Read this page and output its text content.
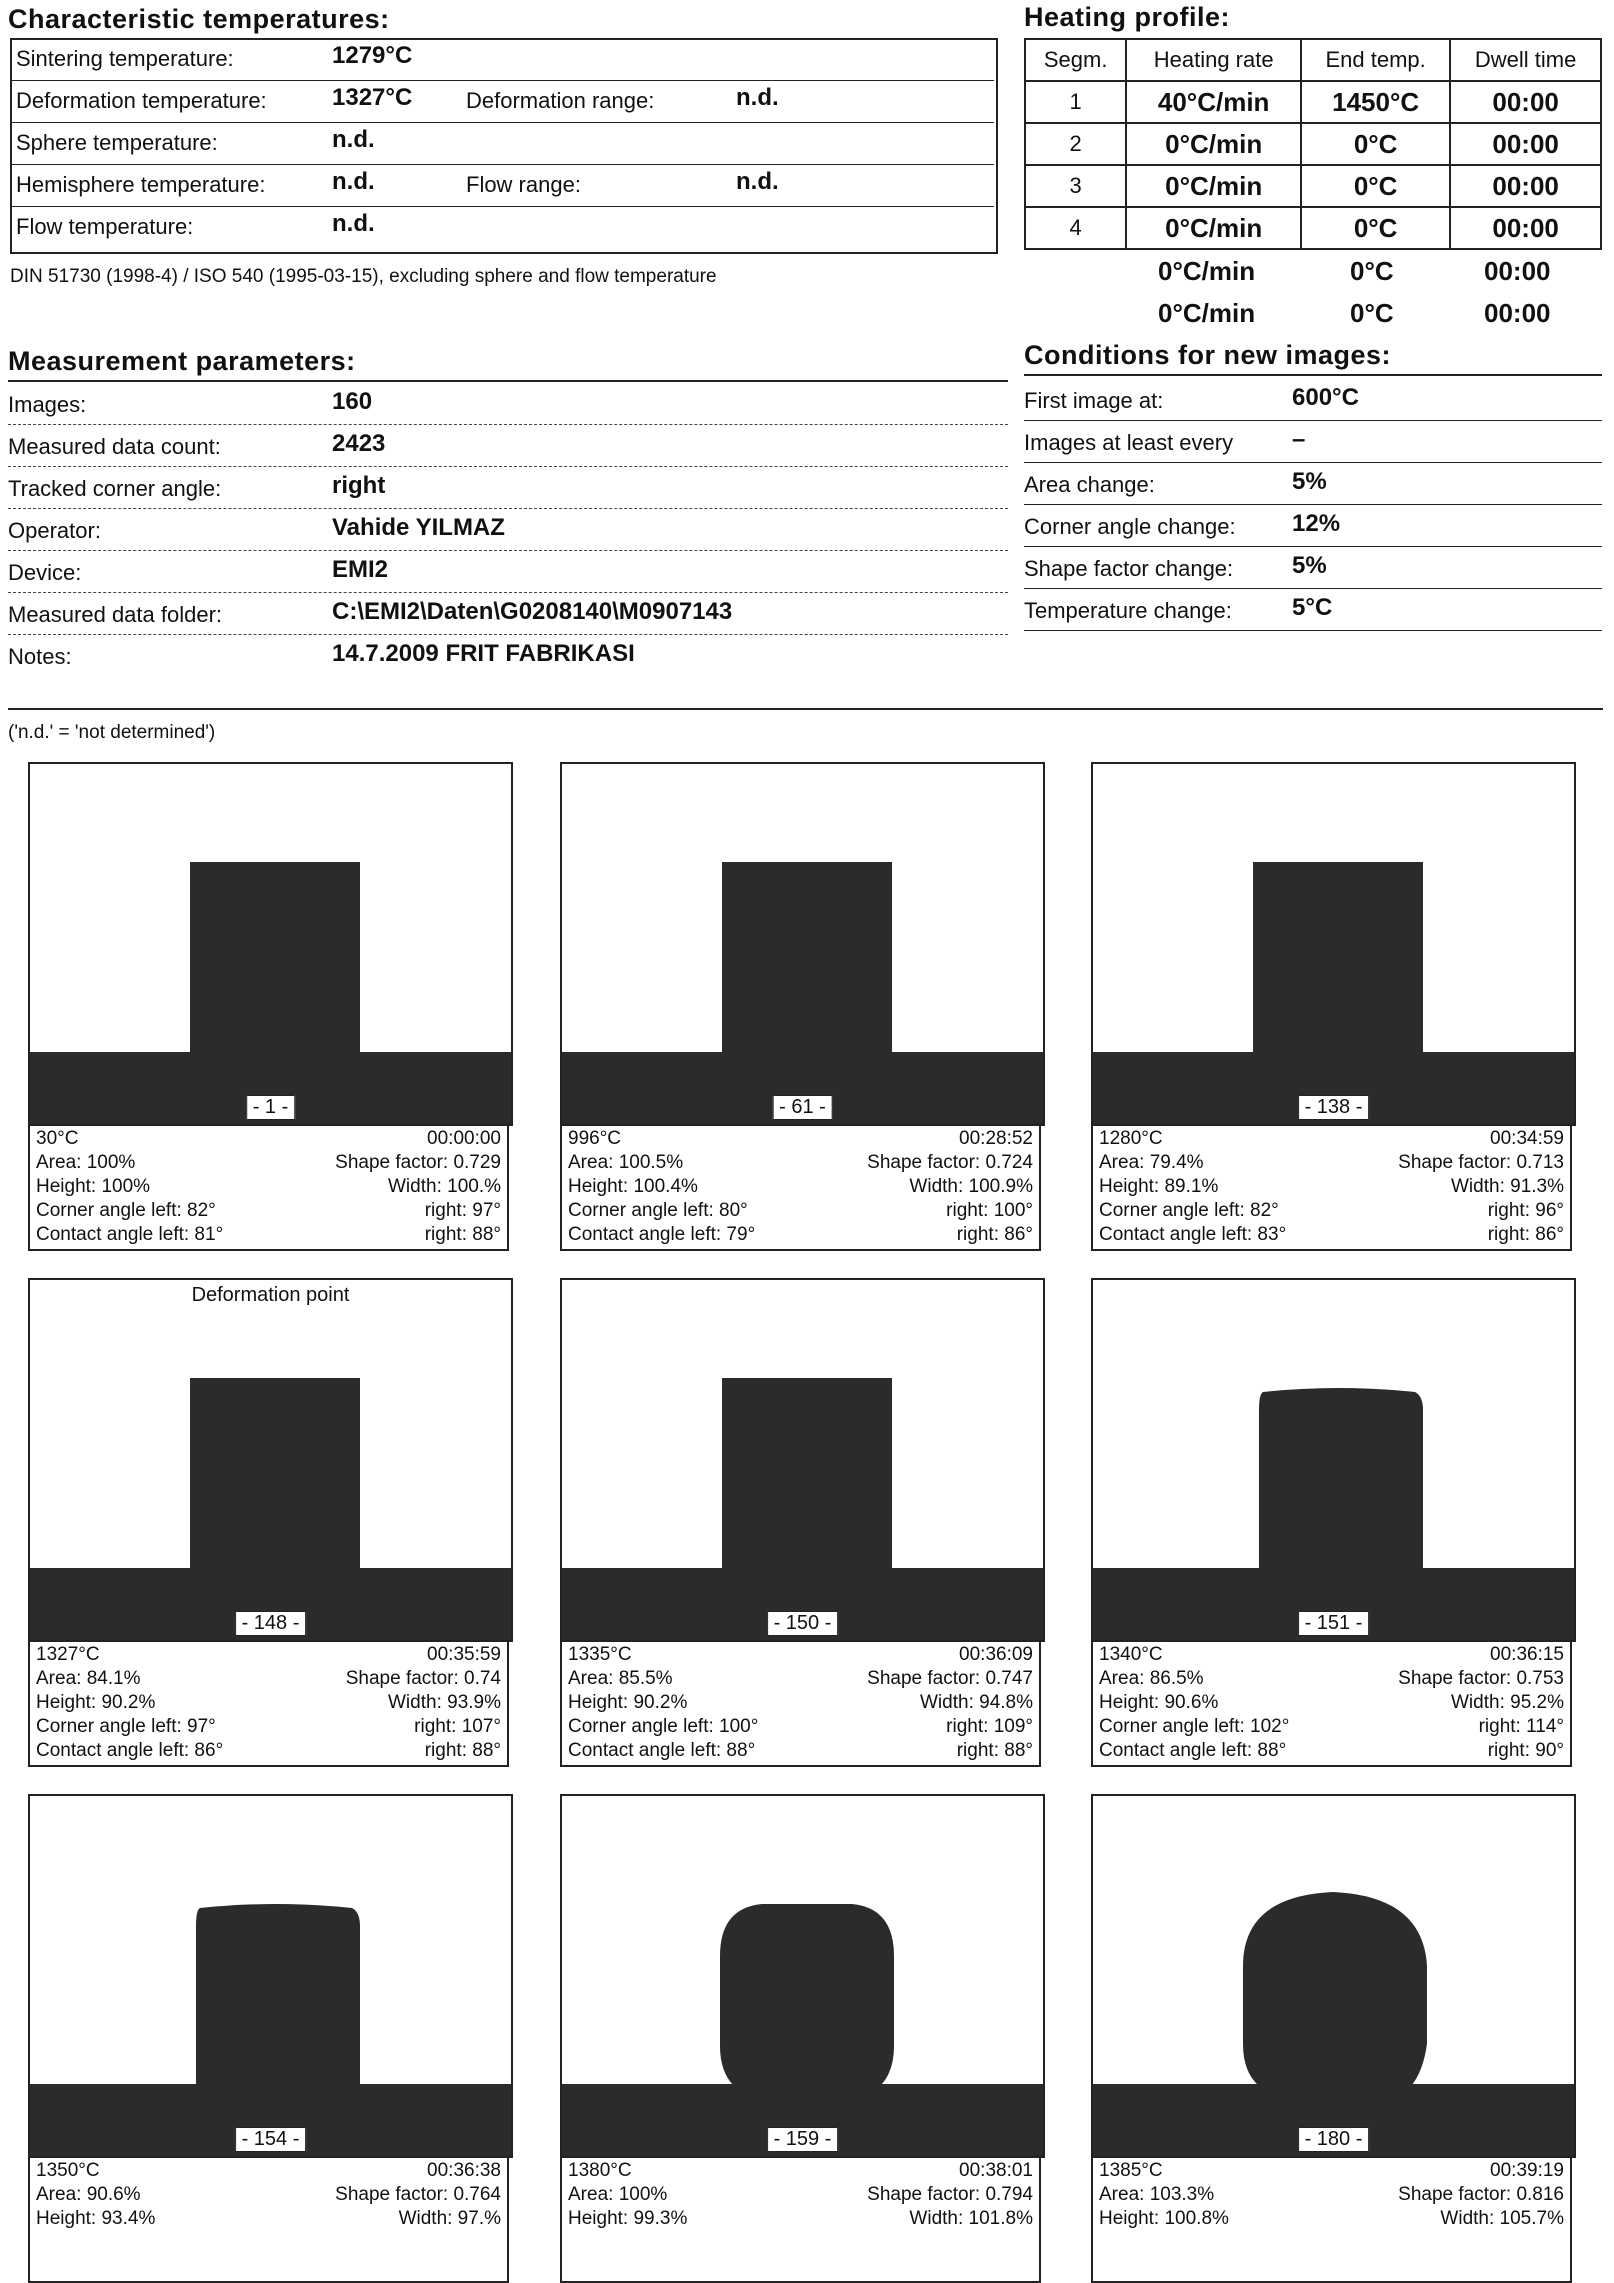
Characteristic temperatures:
Sintering temperature:	1279°C
Deformation temperature:	1327°C Deformation range:	n.d.
Sphere temperature:	n.d.
Hemisphere temperature:	n.d.	Flow range:	n.d.
Flow temperature:	n.d.
DIN 51730 (1998-4) / ISO 540 (1995-03-15), excluding sphere and flow temperature
Heating profile:
Segm.	Heating rate	End temp.	Dwell time
1	40°C/min	1450°C	00:00
2	0°C/min	0°C	00:00
3	0°C/min	0°C	00:00
4	0°C/min	0°C	00:00
0°C/min	0°C	00:00
0°C/min	0°C	00:00
Measurement parameters:
Images:	160
Measured data count:	2423
Tracked corner angle:	right
Operator:	Vahide YILMAZ
Device:	EMI2
Measured data folder:	C:\EMI2\Daten\G0208140\M0907143
Notes:	14.7.2009 FRIT FABRIKASI
('n.d.' = 'not determined')
Conditions for new images:
First image at:	600°C
Images at least every –
Area change:	5%
Corner angle change: 12%
Shape factor change: 5%
Temperature change:	5°C
- 1 -
30°C	00:00:00
Area: 100%	Shape factor: 0.729
Height: 100%	Width: 100.%
Corner angle left: 82°	right: 97°
Contact angle left: 81°	right: 88°
- 61 -
996°C	00:28:52
Area: 100.5%	Shape factor: 0.724
Height: 100.4%	Width: 100.9%
Corner angle left: 80°	right: 100°
Contact angle left: 79°	right: 86°
- 138 -
1280°C	00:34:59
Area: 79.4%	Shape factor: 0.713
Height: 89.1%	Width: 91.3%
Corner angle left: 82°	right: 96°
Contact angle left: 83°	right: 86°
Deformation point
- 148 -
1327°C	00:35:59
Area: 84.1%	Shape factor: 0.74
Height: 90.2%	Width: 93.9%
Corner angle left: 97°	right: 107°
Contact angle left: 86°	right: 88°
- 150 -
1335°C	00:36:09
Area: 85.5%	Shape factor: 0.747
Height: 90.2%	Width: 94.8%
Corner angle left: 100°	right: 109°
Contact angle left: 88°	right: 88°
- 151 -
1340°C	00:36:15
Area: 86.5%	Shape factor: 0.753
Height: 90.6%	Width: 95.2%
Corner angle left: 102°	right: 114°
Contact angle left: 88°	right: 90°
- 154 -
1350°C	00:36:38
Area: 90.6%	Shape factor: 0.764
Height: 93.4%	Width: 97.%
- 159 -
1380°C	00:38:01
Area: 100%	Shape factor: 0.794
Height: 99.3%	Width: 101.8%
- 180 -
1385°C	00:39:19
Area: 103.3%	Shape factor: 0.816
Height: 100.8%	Width: 105.7%
